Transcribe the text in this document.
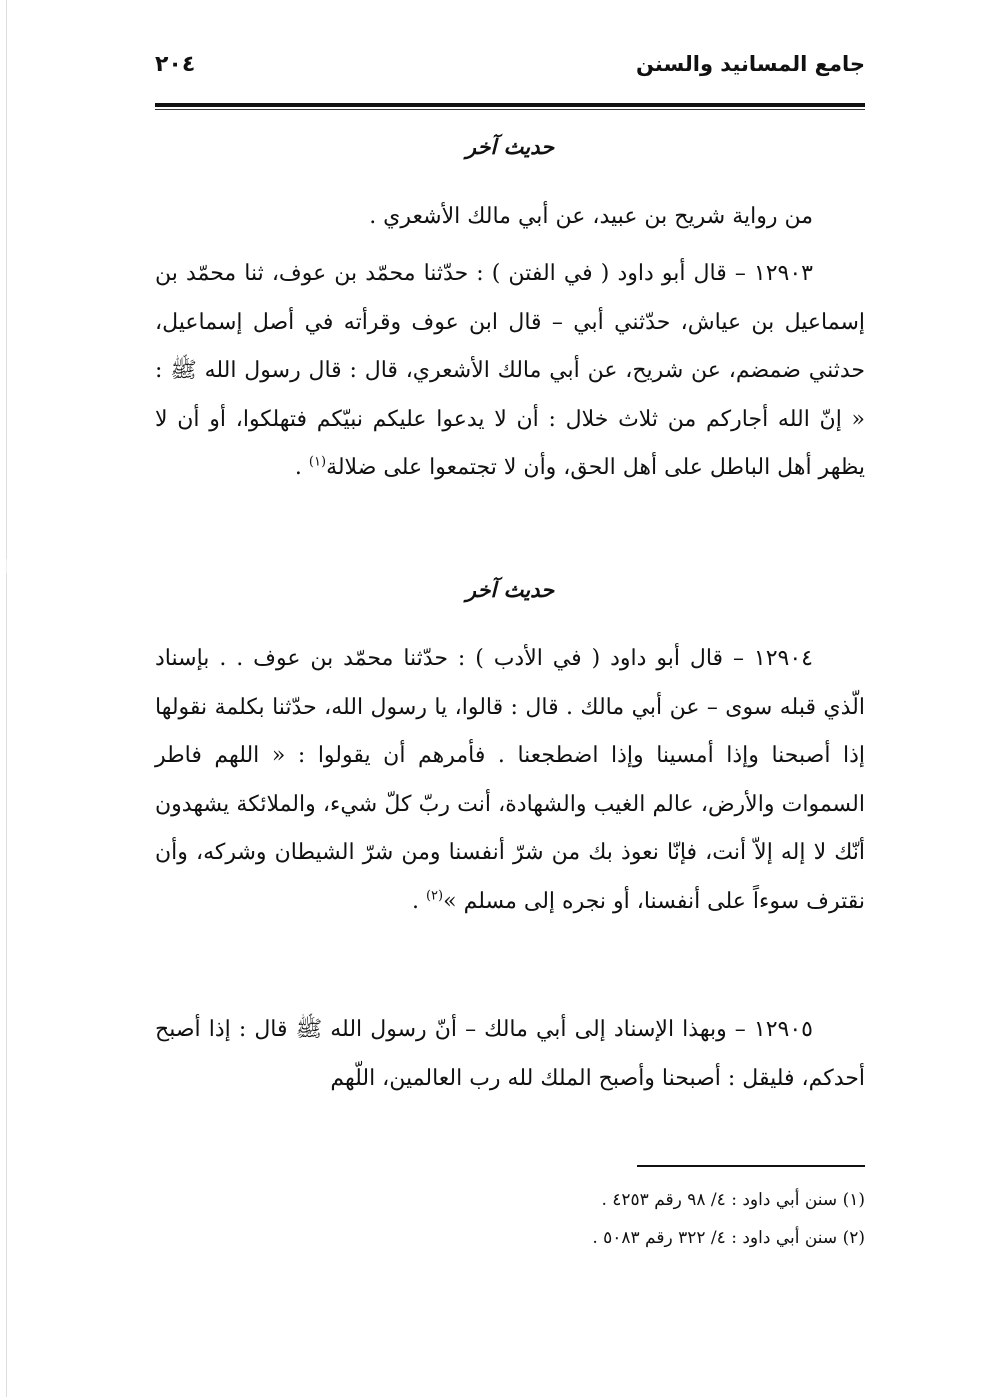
جامع المسانيد والسنن
٢٠٤
حديث آخر
من رواية شريح بن عبيد، عن أبي مالك الأشعري .
١٢٩٠٣ – قال أبو داود ( في الفتن ) : حدّثنا محمّد بن عوف، ثنا محمّد بن إسماعيل بن عياش، حدّثني أبي – قال ابن عوف وقرأته في أصل إسماعيل، حدثني ضمضم، عن شريح، عن أبي مالك الأشعري، قال : قال رسول الله ﷺ : « إنّ الله أجاركم من ثلاث خلال : أن لا يدعوا عليكم نبيّكم فتهلكوا، أو أن لا يظهر أهل الباطل على أهل الحق، وأن لا تجتمعوا على ضلالة$^{(١)}$ .
حديث آخر
١٢٩٠٤ – قال أبو داود ( في الأدب ) : حدّثنا محمّد بن عوف . . بإسناد الّذي قبله سوى – عن أبي مالك . قال : قالوا، يا رسول الله، حدّثنا بكلمة نقولها إذا أصبحنا وإذا أمسينا وإذا اضطجعنا . فأمرهم أن يقولوا : « اللهم فاطر السموات والأرض، عالم الغيب والشهادة، أنت ربّ كلّ شيء، والملائكة يشهدون أنّك لا إله إلاّ أنت، فإنّا نعوذ بك من شرّ أنفسنا ومن شرّ الشيطان وشركه، وأن نقترف سوءاً على أنفسنا، أو نجره إلى مسلم »$^{(٢)}$ .
١٢٩٠٥ – وبهذا الإسناد إلى أبي مالك – أنّ رسول الله ﷺ قال : إذا أصبح أحدكم، فليقل : أصبحنا وأصبح الملك لله رب العالمين، اللّهم
(١) سنن أبي داود : ٤/ ٩٨ رقم ٤٢٥٣ .
(٢) سنن أبي داود : ٤/ ٣٢٢ رقم ٥٠٨٣ .
